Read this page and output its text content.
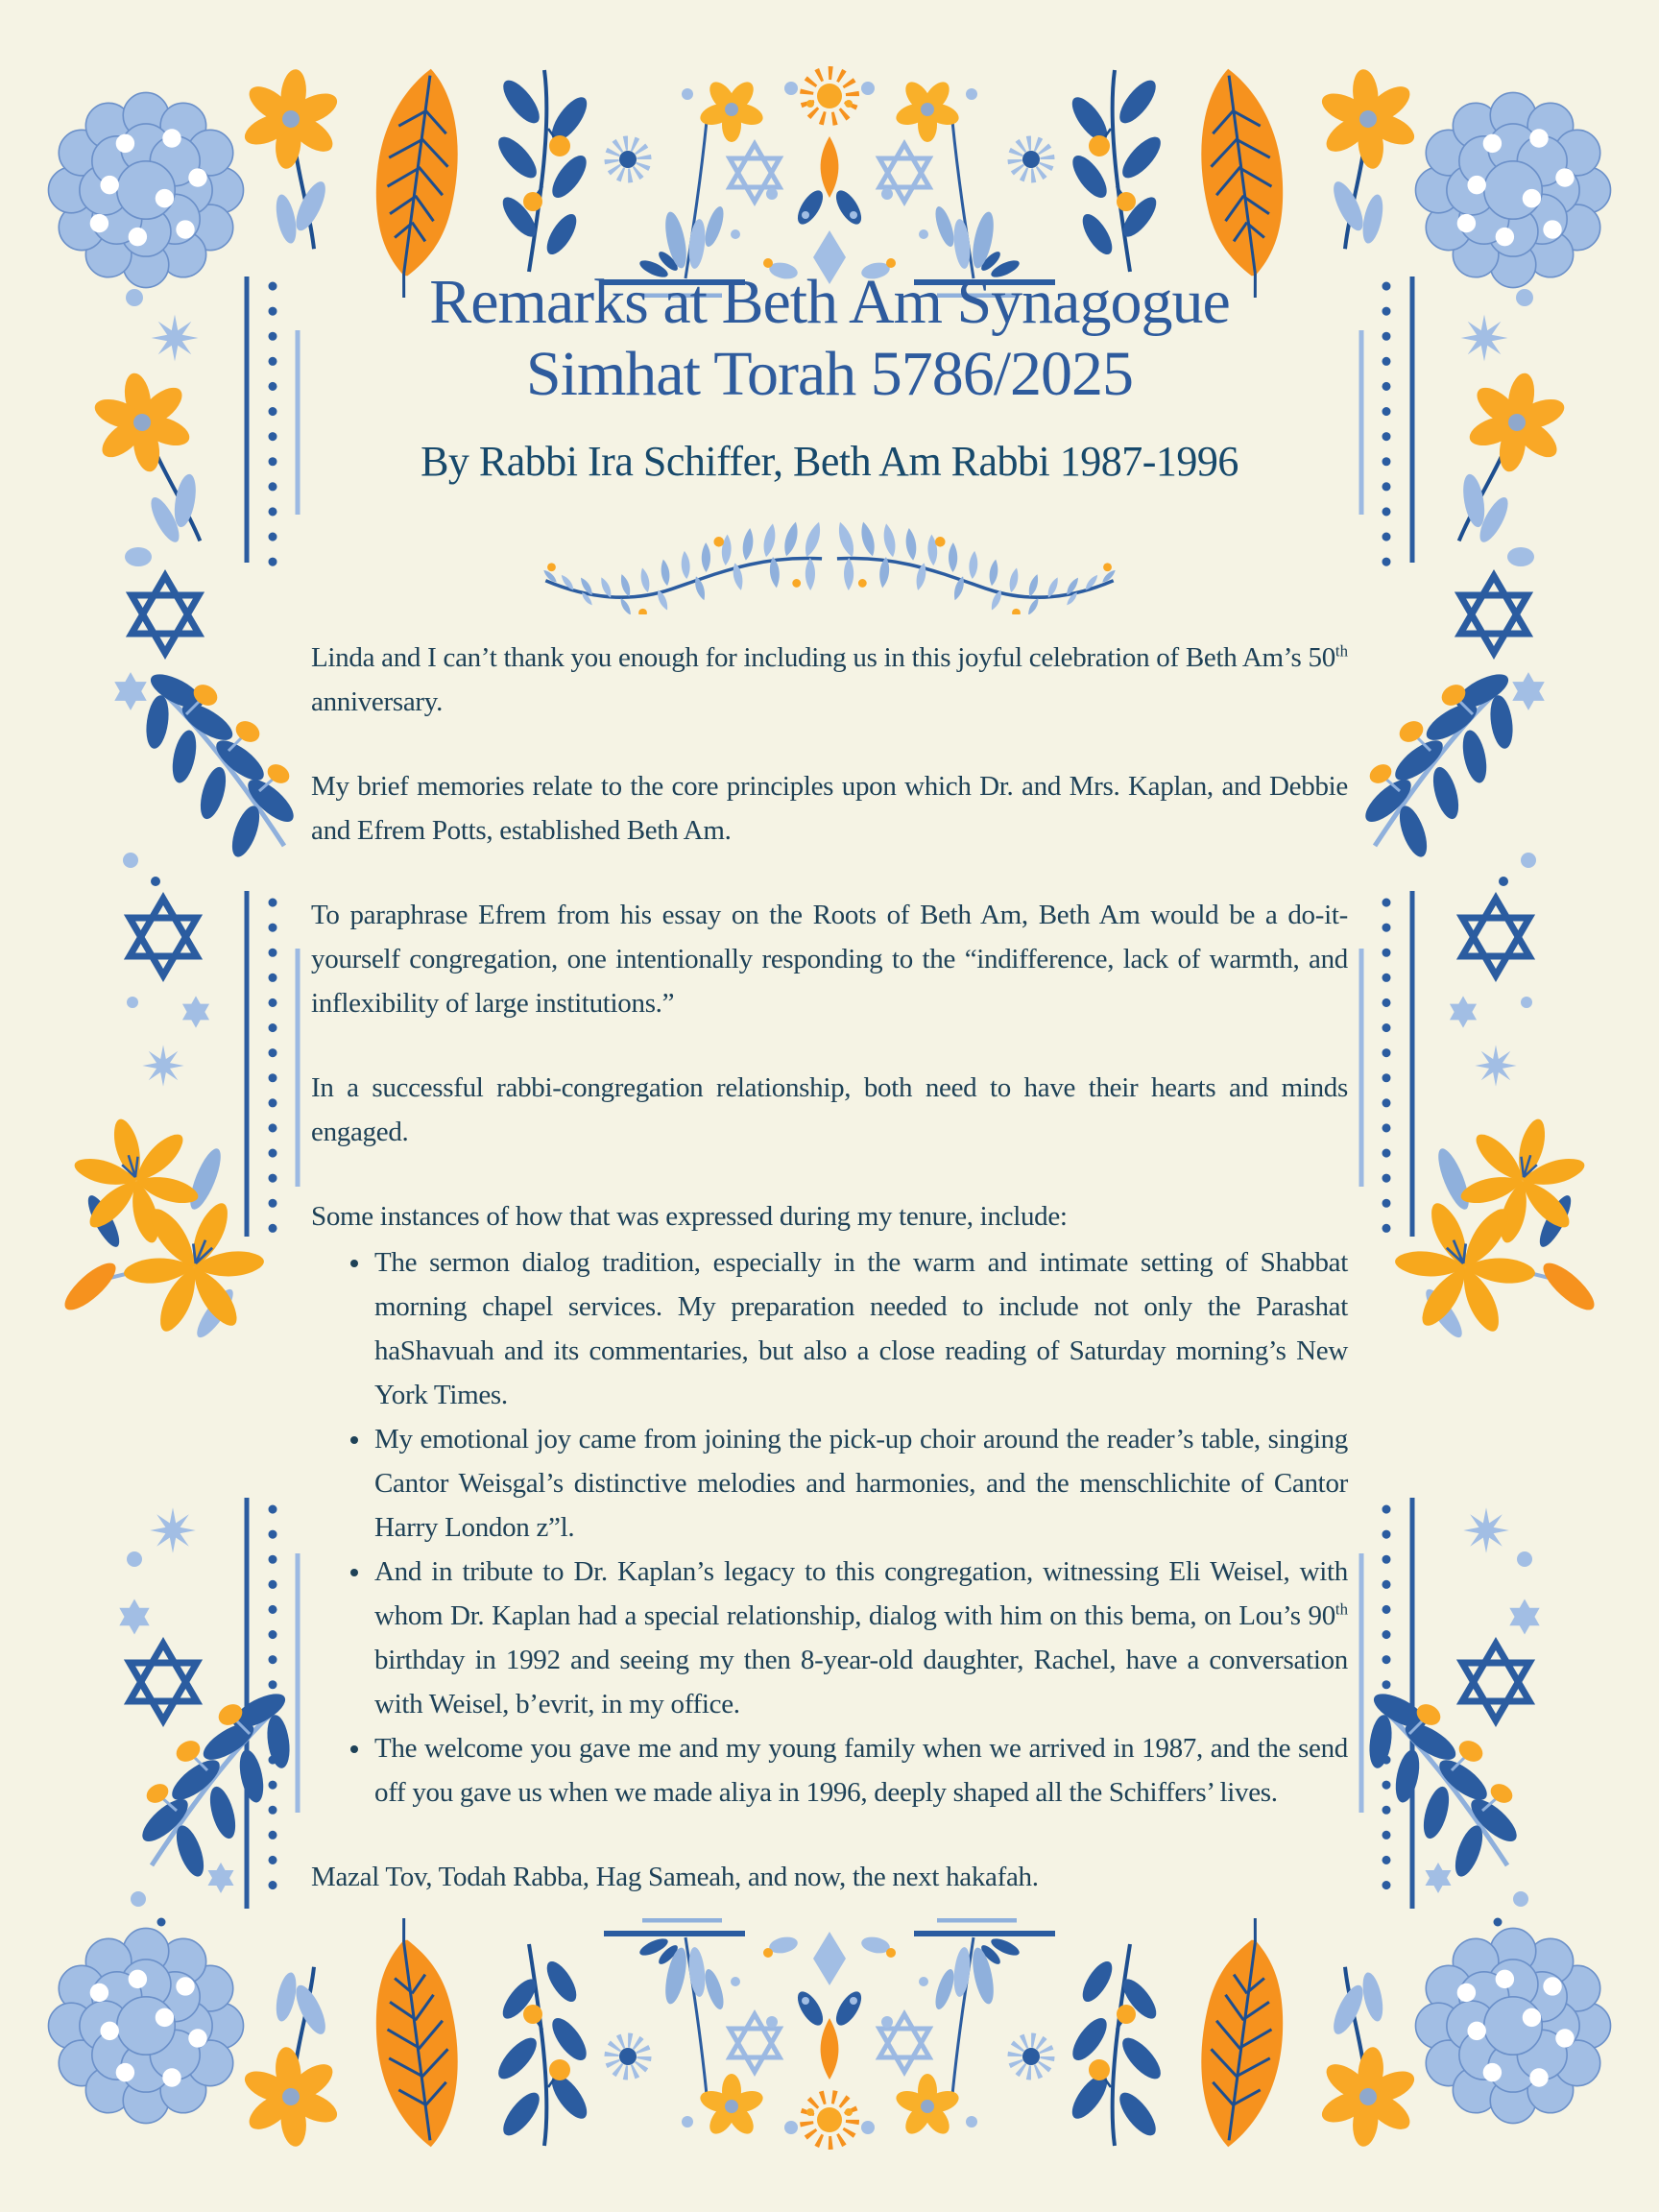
Remarks at Beth Am Synagogue
Simhat Torah 5786/2025
By Rabbi Ira Schiffer, Beth Am Rabbi 1987-1996

Linda and I can’t thank you enough for including us in this joyful celebration of Beth Am’s 50th anniversary.

My brief memories relate to the core principles upon which Dr. and Mrs. Kaplan, and Debbie and Efrem Potts, established Beth Am.

To paraphrase Efrem from his essay on the Roots of Beth Am, Beth Am would be a do-it-yourself congregation, one intentionally responding to the “indifference, lack of warmth, and inflexibility of large institutions.”

In a successful rabbi-congregation relationship, both need to have their hearts and minds engaged.

Some instances of how that was expressed during my tenure, include:

• The sermon dialog tradition, especially in the warm and intimate setting of Shabbat morning chapel services. My preparation needed to include not only the Parashat haShavuah and its commentaries, but also a close reading of Saturday morning’s New York Times.
• My emotional joy came from joining the pick-up choir around the reader’s table, singing Cantor Weisgal’s distinctive melodies and harmonies, and the menschlichite of Cantor Harry London z”l.
• And in tribute to Dr. Kaplan’s legacy to this congregation, witnessing Eli Weisel, with whom Dr. Kaplan had a special relationship, dialog with him on this bema, on Lou’s 90th birthday in 1992 and seeing my then 8-year-old daughter, Rachel, have a conversation with Weisel, b’evrit, in my office.
• The welcome you gave me and my young family when we arrived in 1987, and the send off you gave us when we made aliya in 1996, deeply shaped all the Schiffers’ lives.

Mazal Tov, Todah Rabba, Hag Sameah, and now, the next hakafah.
